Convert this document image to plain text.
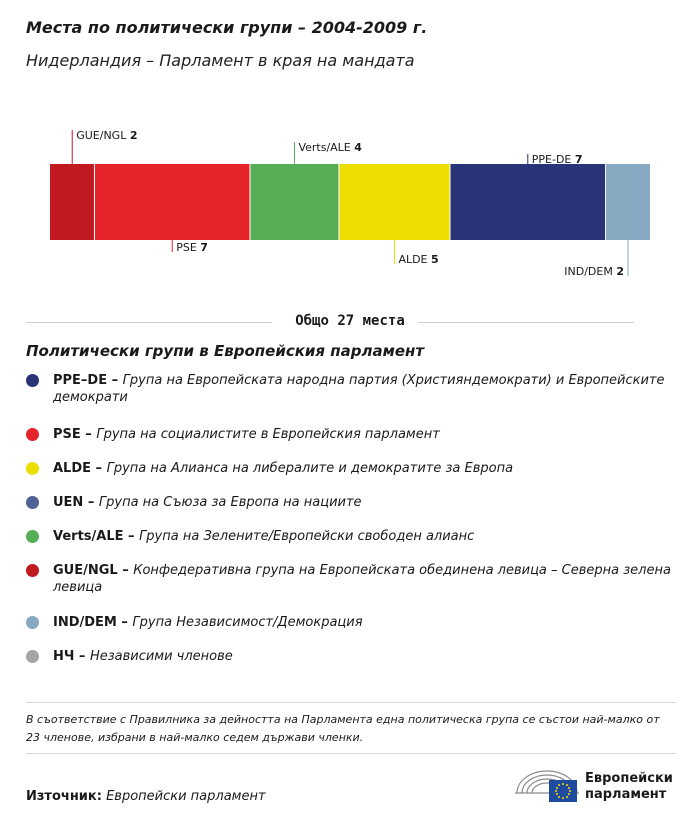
Места по политически групи – 2004-2009 г.
Нидерландия – Парламент в края на мандата
GUE/NGL 2
PSE 7
Verts/ALE 4
ALDE 5
PPE-DE 7
IND/DEM 2
Общо 27 места
Политически групи в Европейския парламент
PPE–DE – Група на Европейската народна партия (Християндемократи) и Европейските демократи
PSE – Група на социалистите в Европейския парламент
ALDE – Група на Алианса на либералите и демократите за Европа
UEN – Група на Съюза за Европа на нациите
Verts/ALE – Група на Зелените/Европейски свободен алианс
GUE/NGL – Конфедеративна група на Европейската обединена левица – Северна зелена левица
IND/DEM – Група Независимост/Демокрация
НЧ – Независими членове
В съответствие с Правилника за дейността на Парламента една политическа група се състои най-малко от 23 членове, избрани в най-малко седем държави членки.
Източник: Европейски парламент
Европейски
парламент
